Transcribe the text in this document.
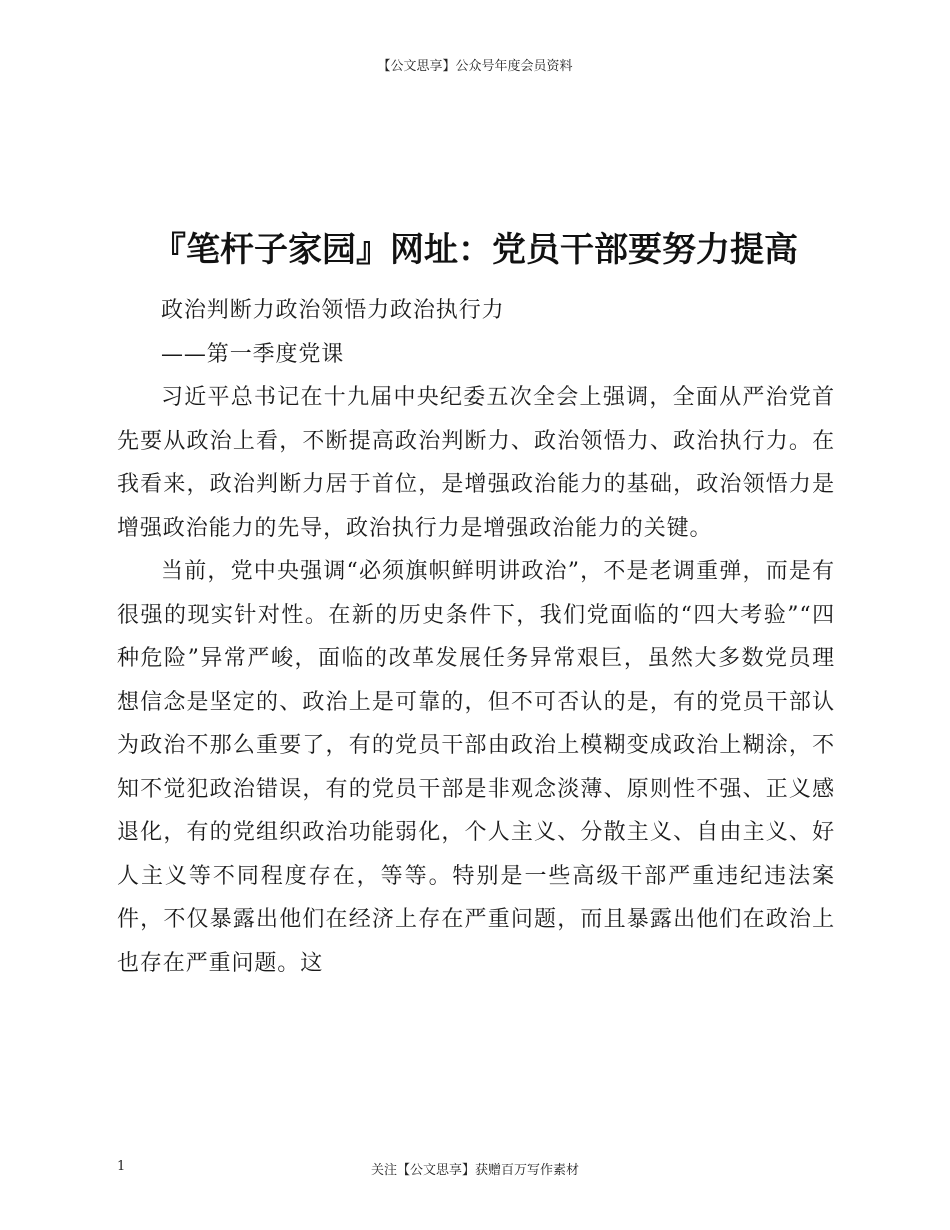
【公文思享】公众号年度会员资料
『笔杆子家园』网址：党员干部要努力提高

政治判断力政治领悟力政治执行力

——第一季度党课

习近平总书记在十九届中央纪委五次全会上强调，全面从严治党首先要从政治上看，不断提高政治判断力、政治领悟力、政治执行力。在我看来，政治判断力居于首位，是增强政治能力的基础，政治领悟力是增强政治能力的先导，政治执行力是增强政治能力的关键。

当前，党中央强调“必须旗帜鲜明讲政治”，不是老调重弹，而是有很强的现实针对性。在新的历史条件下，我们党面临的“四大考验”“四种危险”异常严峻，面临的改革发展任务异常艰巨，虽然大多数党员理想信念是坚定的、政治上是可靠的，但不可否认的是，有的党员干部认为政治不那么重要了，有的党员干部由政治上模糊变成政治上糊涂，不知不觉犯政治错误，有的党员干部是非观念淡薄、原则性不强、正义感退化，有的党组织政治功能弱化，个人主义、分散主义、自由主义、好人主义等不同程度存在，等等。特别是一些高级干部严重违纪违法案件，不仅暴露出他们在经济上存在严重问题，而且暴露出他们在政治上也存在严重问题。这

1	关注【公文思享】获赠百万写作素材
